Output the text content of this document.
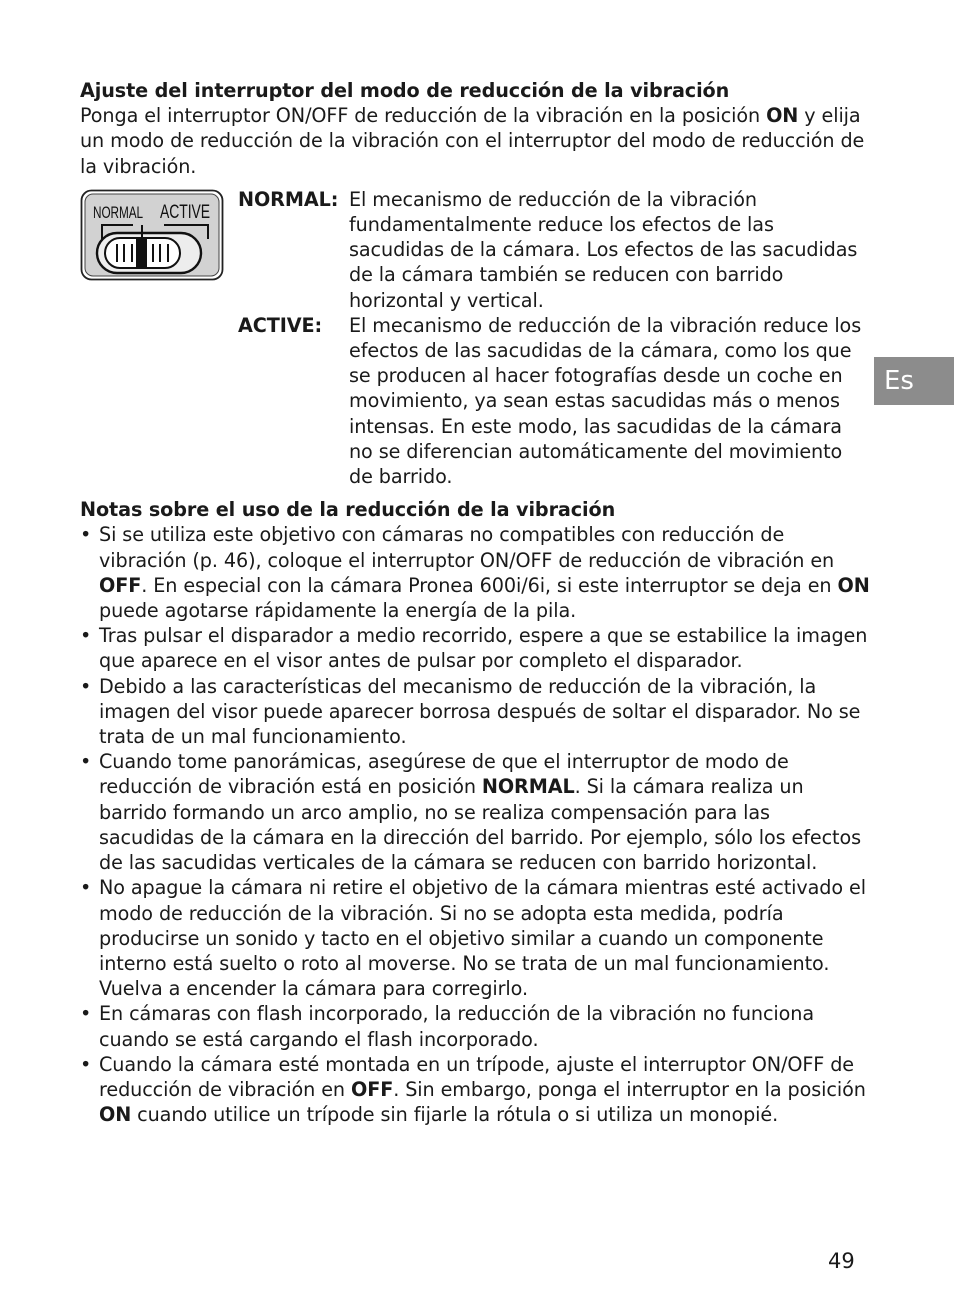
Ajuste del interruptor del modo de reducción de la vibración

Ponga el interruptor ON/OFF de reducción de la vibración en la posición ON y elija un modo de reducción de la vibración con el interruptor del modo de reducción de la vibración.

NORMAL ACTIVE
NORMAL: El mecanismo de reducción de la vibración fundamentalmente reduce los efectos de las sacudidas de la cámara. Los efectos de las sacudidas de la cámara también se reducen con barrido horizontal y vertical.
ACTIVE:	El mecanismo de reducción de la vibración reduce los efectos de las sacudidas de la cámara, como los que se producen al hacer fotografías desde un coche en movimiento, ya sean estas sacudidas más o menos intensas. En este modo, las sacudidas de la cámara no se diferencian automáticamente del movimiento de barrido.
Notas sobre el uso de la reducción de la vibración
• Si se utiliza este objetivo con cámaras no compatibles con reducción de vibración (p. 46), coloque el interruptor ON/OFF de reducción de vibración en OFF. En especial con la cámara Pronea 600i/6i, si este interruptor se deja en ON puede agotarse rápidamente la energía de la pila.
• Tras pulsar el disparador a medio recorrido, espere a que se estabilice la imagen que aparece en el visor antes de pulsar por completo el disparador.
• Debido a las características del mecanismo de reducción de la vibración, la imagen del visor puede aparecer borrosa después de soltar el disparador. No se trata de un mal funcionamiento.
• Cuando tome panorámicas, asegúrese de que el interruptor de modo de reducción de vibración está en posición NORMAL. Si la cámara realiza un barrido formando un arco amplio, no se realiza compensación para las sacudidas de la cámara en la dirección del barrido. Por ejemplo, sólo los efectos de las sacudidas verticales de la cámara se reducen con barrido horizontal.
• No apague la cámara ni retire el objetivo de la cámara mientras esté activado el modo de reducción de la vibración. Si no se adopta esta medida, podría producirse un sonido y tacto en el objetivo similar a cuando un componente interno está suelto o roto al moverse. No se trata de un mal funcionamiento. Vuelva a encender la cámara para corregirlo.
• En cámaras con flash incorporado, la reducción de la vibración no funciona cuando se está cargando el flash incorporado.
• Cuando la cámara esté montada en un trípode, ajuste el interruptor ON/OFF de reducción de vibración en OFF. Sin embargo, ponga el interruptor en la posición ON cuando utilice un trípode sin fijarle la rótula o si utiliza un monopié.
Es
49
